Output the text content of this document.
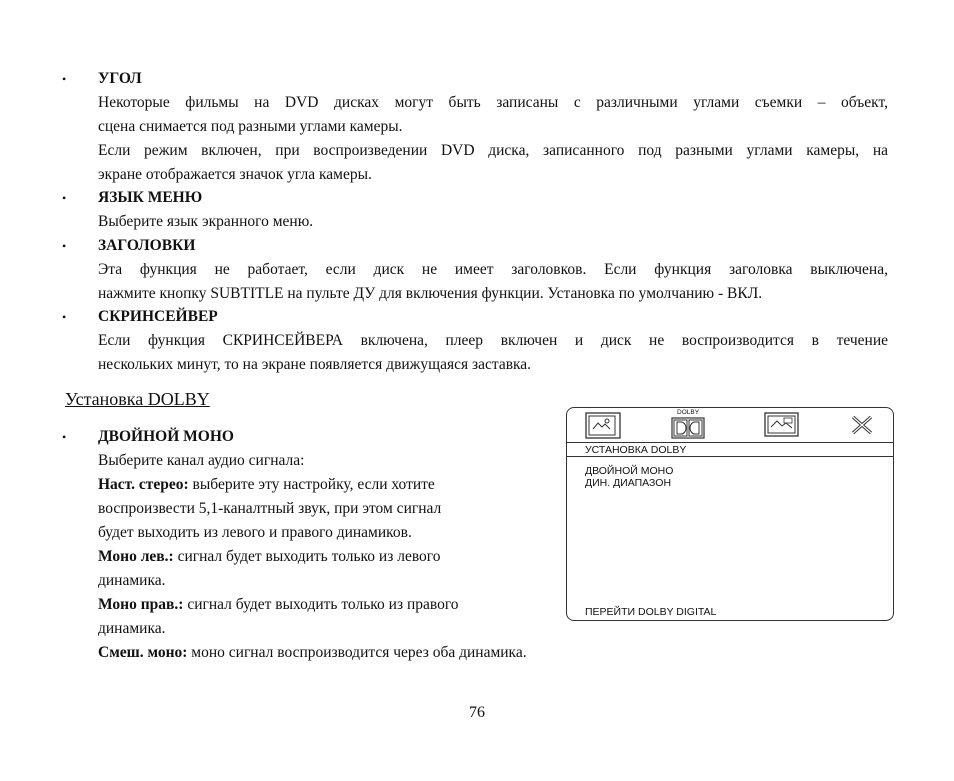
• УГОЛ
Некоторые фильмы на DVD дисках могут быть записаны с различными углами съемки – объект,
сцена снимается под разными углами камеры.
Если режим включен, при воспроизведении DVD диска, записанного под разными углами камеры, на
экране отображается значок угла камеры.
• ЯЗЫК МЕНЮ
Выберите язык экранного меню.
• ЗАГОЛОВКИ
Эта функция не работает, если диск не имеет заголовков. Если функция заголовка выключена,
нажмите кнопку SUBTITLE на пульте ДУ для включения функции. Установка по умолчанию - ВКЛ.
• СКРИНСЕЙВЕР
Если функция СКРИНСЕЙВЕРА включена, плеер включен и диск не воспроизводится в течение
нескольких минут, то на экране появляется движущаяся заставка.
Установка DOLBY
• ДВОЙНОЙ МОНО
Выберите канал аудио сигнала:
Наст. стерео: выберите эту настройку, если хотите
воспроизвести 5,1-каналтный звук, при этом сигнал
будет выходить из левого и правого динамиков.
Моно лев.: сигнал будет выходить только из левого
динамика.
Моно прав.: сигнал будет выходить только из правого
динамика.
Смеш. моно: моно сигнал воспроизводится через оба динамика.
DOLBY
УСТАНОВКА DOLBY
ДВОЙНОЙ МОНО
ДИН. ДИАПАЗОН
ПЕРЕЙТИ DOLBY DIGITAL
76
